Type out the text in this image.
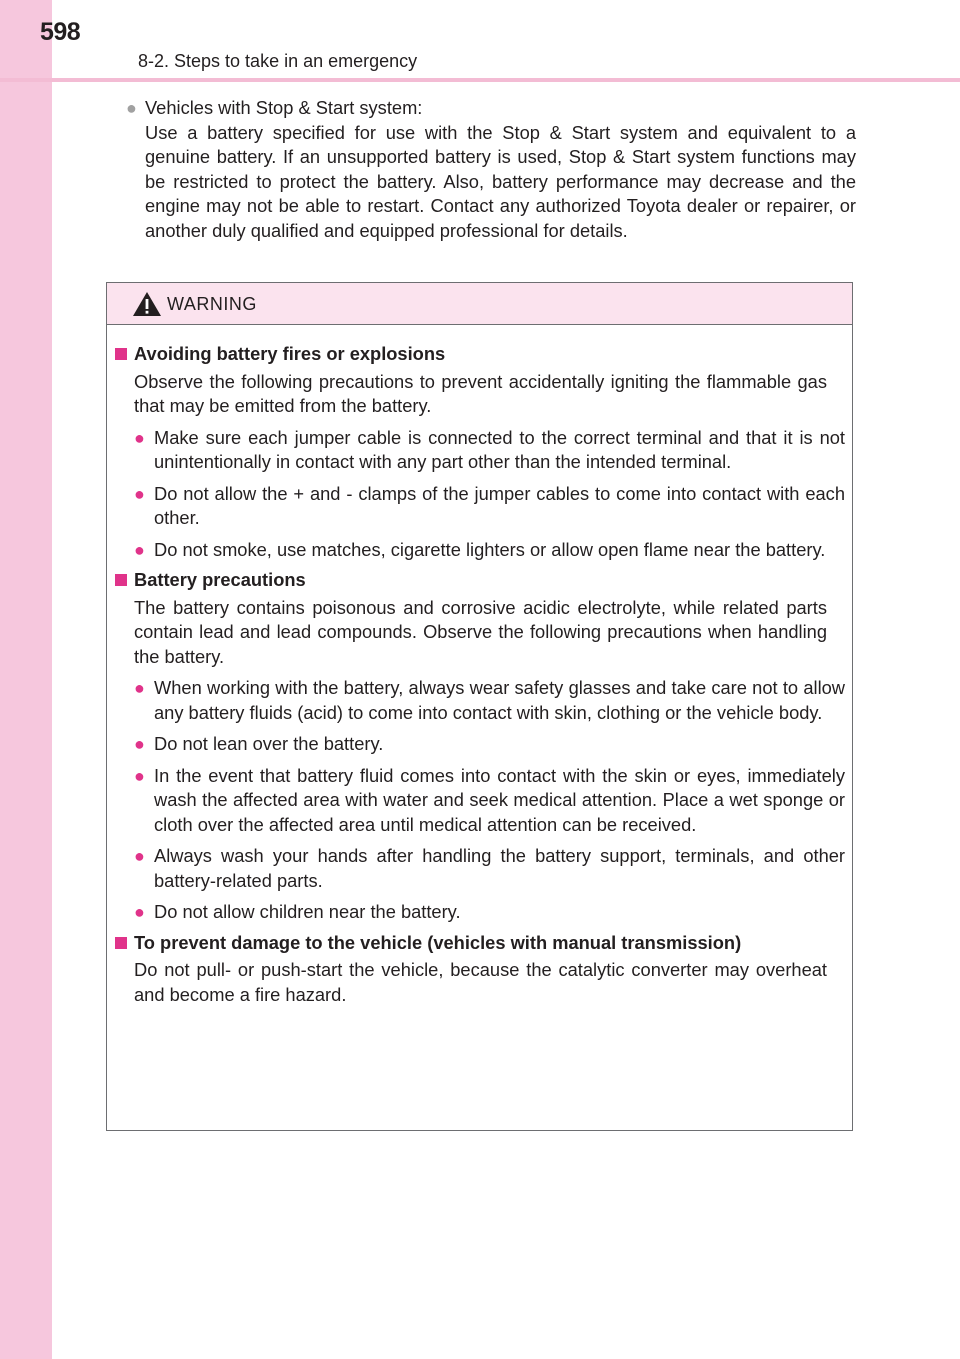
598
8-2. Steps to take in an emergency
● Vehicles with Stop & Start system:
Use a battery specified for use with the Stop & Start system and equivalent to a genuine battery. If an unsupported battery is used, Stop & Start system functions may be restricted to protect the battery. Also, battery performance may decrease and the engine may not be able to restart. Contact any authorized Toyota dealer or repairer, or another duly qualified and equipped professional for details.
WARNING
Avoiding battery fires or explosions
Observe the following precautions to prevent accidentally igniting the flammable gas that may be emitted from the battery.
● Make sure each jumper cable is connected to the correct terminal and that it is not unintentionally in contact with any part other than the intended terminal.
● Do not allow the + and - clamps of the jumper cables to come into contact with each other.
● Do not smoke, use matches, cigarette lighters or allow open flame near the battery.
Battery precautions
The battery contains poisonous and corrosive acidic electrolyte, while related parts contain lead and lead compounds. Observe the following precautions when handling the battery.
● When working with the battery, always wear safety glasses and take care not to allow any battery fluids (acid) to come into contact with skin, clothing or the vehicle body.
● Do not lean over the battery.
● In the event that battery fluid comes into contact with the skin or eyes, immediately wash the affected area with water and seek medical attention. Place a wet sponge or cloth over the affected area until medical attention can be received.
● Always wash your hands after handling the battery support, terminals, and other battery-related parts.
● Do not allow children near the battery.
To prevent damage to the vehicle (vehicles with manual transmission)
Do not pull- or push-start the vehicle, because the catalytic converter may overheat and become a fire hazard.
